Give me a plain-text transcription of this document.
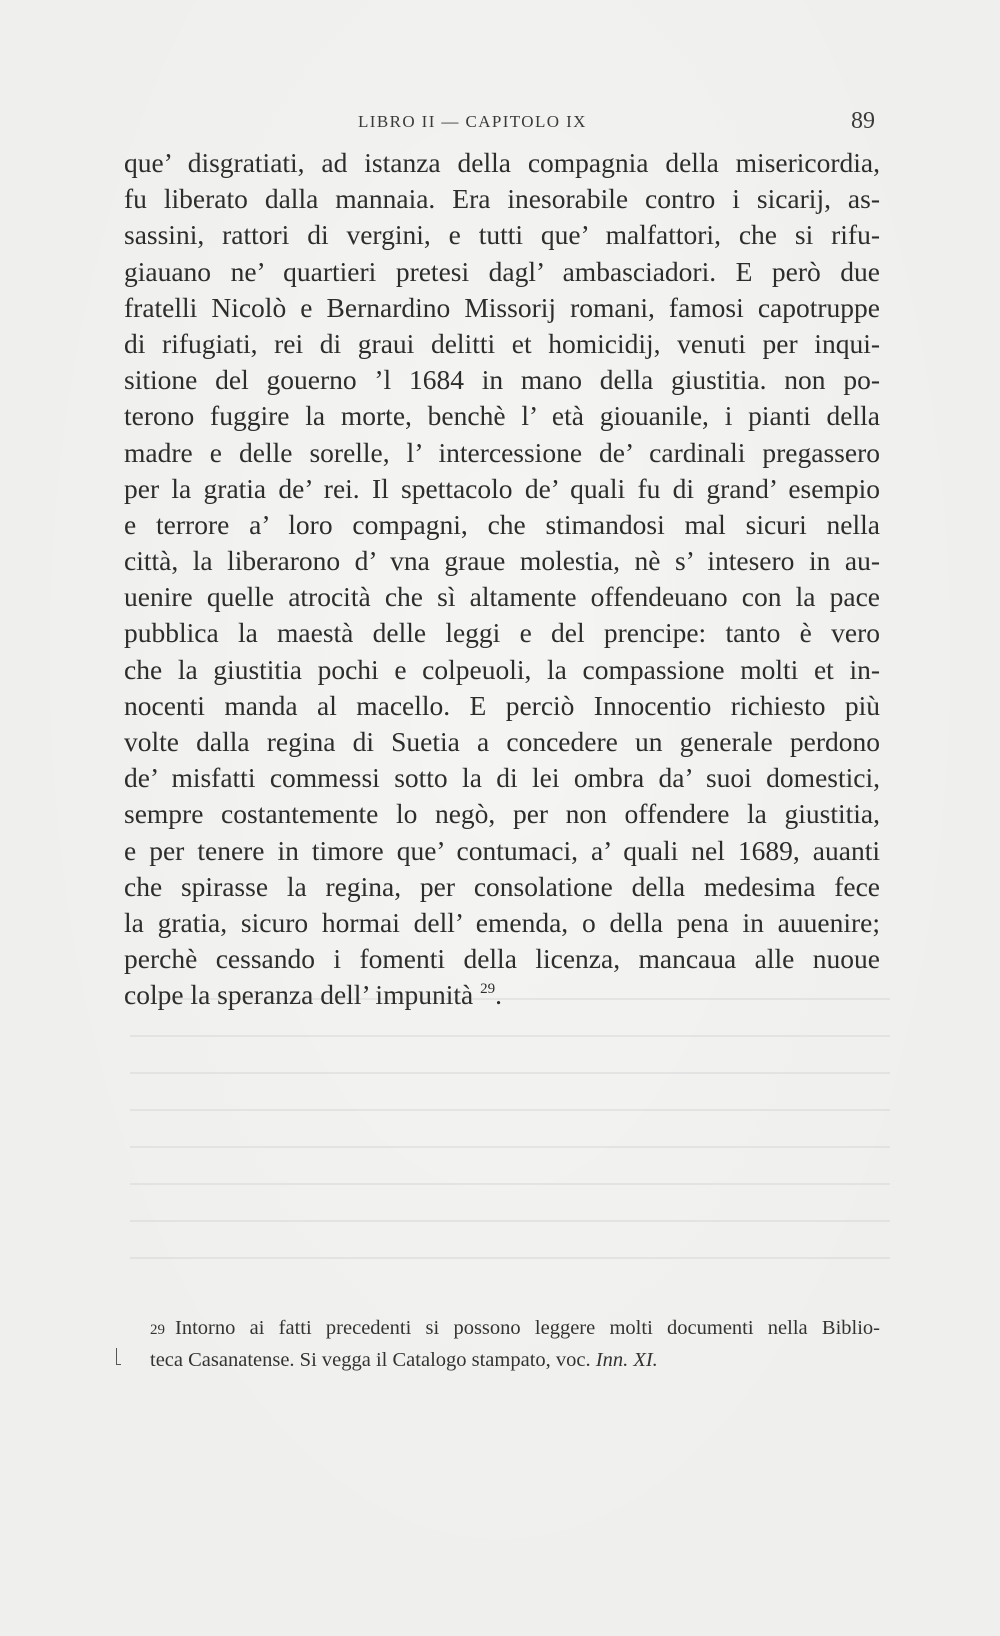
LIBRO II — CAPITOLO IX	89
que’ disgratiati, ad istanza della compagnia della misericordia,
fu liberato dalla mannaia. Era inesorabile contro i sicarij, as-
sassini, rattori di vergini, e tutti que’ malfattori, che si rifu-
giauano ne’ quartieri pretesi dagl’ ambasciadori. E però due
fratelli Nicolò e Bernardino Missorij romani, famosi capotruppe
di rifugiati, rei di graui delitti et homicidij, venuti per inqui-
sitione del gouerno ’l 1684 in mano della giustitia. non po-
terono fuggire la morte, benchè l’ età giouanile, i pianti della
madre e delle sorelle, l’ intercessione de’ cardinali pregassero
per la gratia de’ rei. Il spettacolo de’ quali fu di grand’ esempio
e terrore a’ loro compagni, che stimandosi mal sicuri nella
città, la liberarono d’ vna graue molestia, nè s’ intesero in au-
uenire quelle atrocità che sì altamente offendeuano con la pace
pubblica la maestà delle leggi e del prencipe: tanto è vero
che la giustitia pochi e colpeuoli, la compassione molti et in-
nocenti manda al macello. E perciò Innocentio richiesto più
volte dalla regina di Suetia a concedere un generale perdono
de’ misfatti commessi sotto la di lei ombra da’ suoi domestici,
sempre costantemente lo negò, per non offendere la giustitia,
e per tenere in timore que’ contumaci, a’ quali nel 1689, auanti
che spirasse la regina, per consolatione della medesima fece
la gratia, sicuro hormai dell’ emenda, o della pena in auuenire;
perchè cessando i fomenti della licenza, mancaua alle nuoue
colpe la speranza dell’ impunità $^{29}$.
29 Intorno ai fatti precedenti si possono leggere molti documenti nella Biblio-
teca Casanatense. Si vegga il Catalogo stampato, voc. Inn. XI.
